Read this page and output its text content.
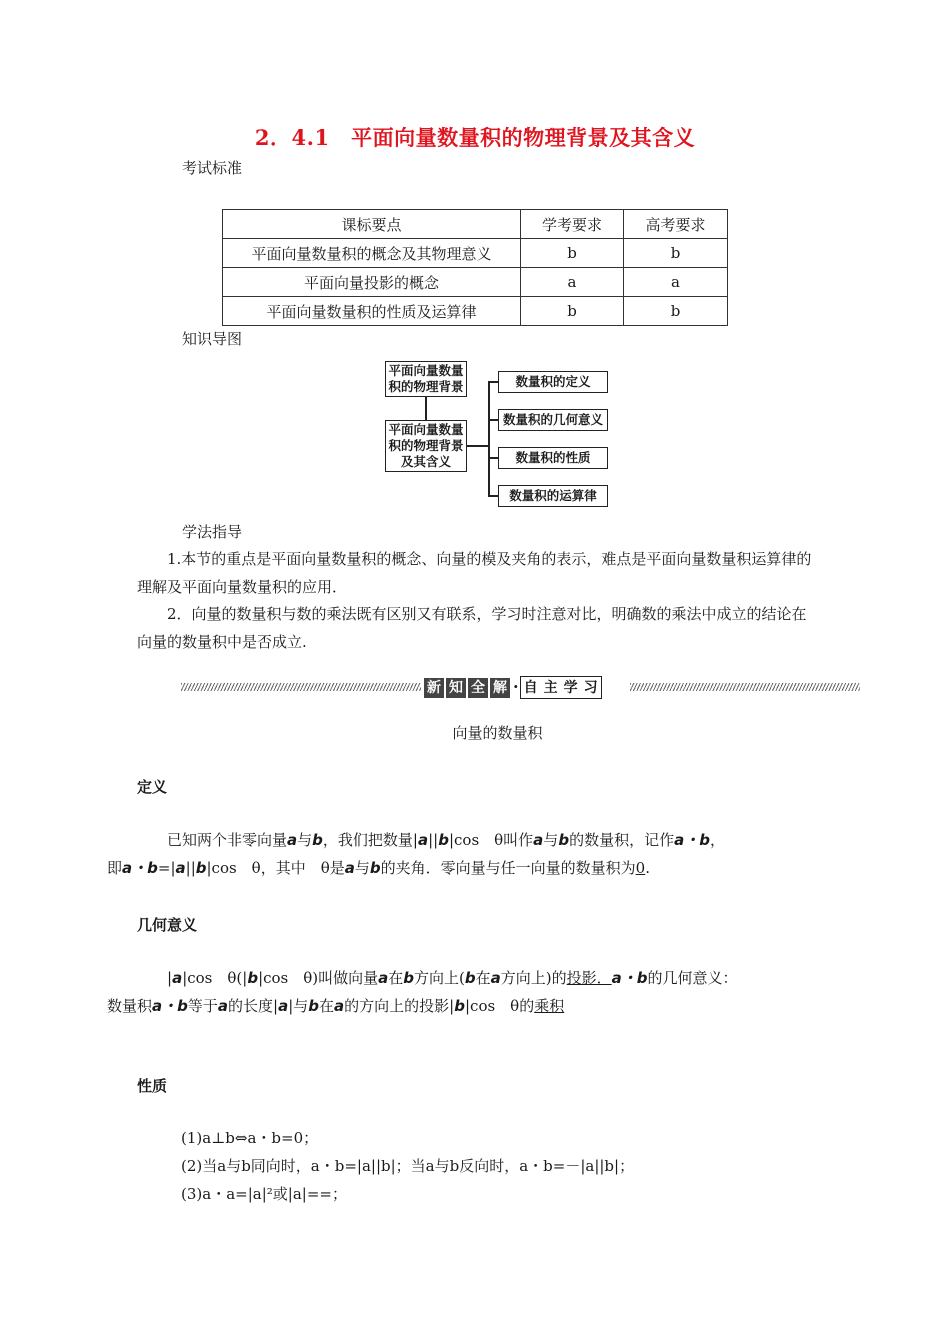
2．4.1　平面向量数量积的物理背景及其含义
考试标准
课标要点	学考要求	高考要求
平面向量数量积的概念及其物理意义	b	b
平面向量投影的概念	a	a
平面向量数量积的性质及运算律	b	b
知识导图
平面向量数量
积的物理背景
平面向量数量
积的物理背景
及其含义
数量积的定义
数量积的几何意义
数量积的性质
数量积的运算律
学法指导
1.本节的重点是平面向量数量积的概念、向量的模及夹角的表示，难点是平面向量数量积运算律的理解及平面向量数量积的应用．
2．向量的数量积与数的乘法既有区别又有联系，学习时注意对比，明确数的乘法中成立的结论在向量的数量积中是否成立.
新 知 全 解 · 自 主 学 习
向量的数量积
定义
已知两个非零向量a与b，我们把数量|a||b|cos　θ叫作a与b的数量积，记作a・b，
即a・b=|a||b|cos　θ，其中　θ是a与b的夹角．零向量与任一向量的数量积为0.
几何意义
|a|cos　θ(|b|cos　θ)叫做向量a在b方向上(b在a方向上)的投影．a・b的几何意义：
数量积a・b等于a的长度|a|与b在a的方向上的投影|b|cos　θ的乘积
性质
(1)a⊥b⇔a・b=0；
(2)当a与b同向时，a・b=|a||b|；当a与b反向时，a・b=－|a||b|；
(3)a・a=|a|²或|a|==；
